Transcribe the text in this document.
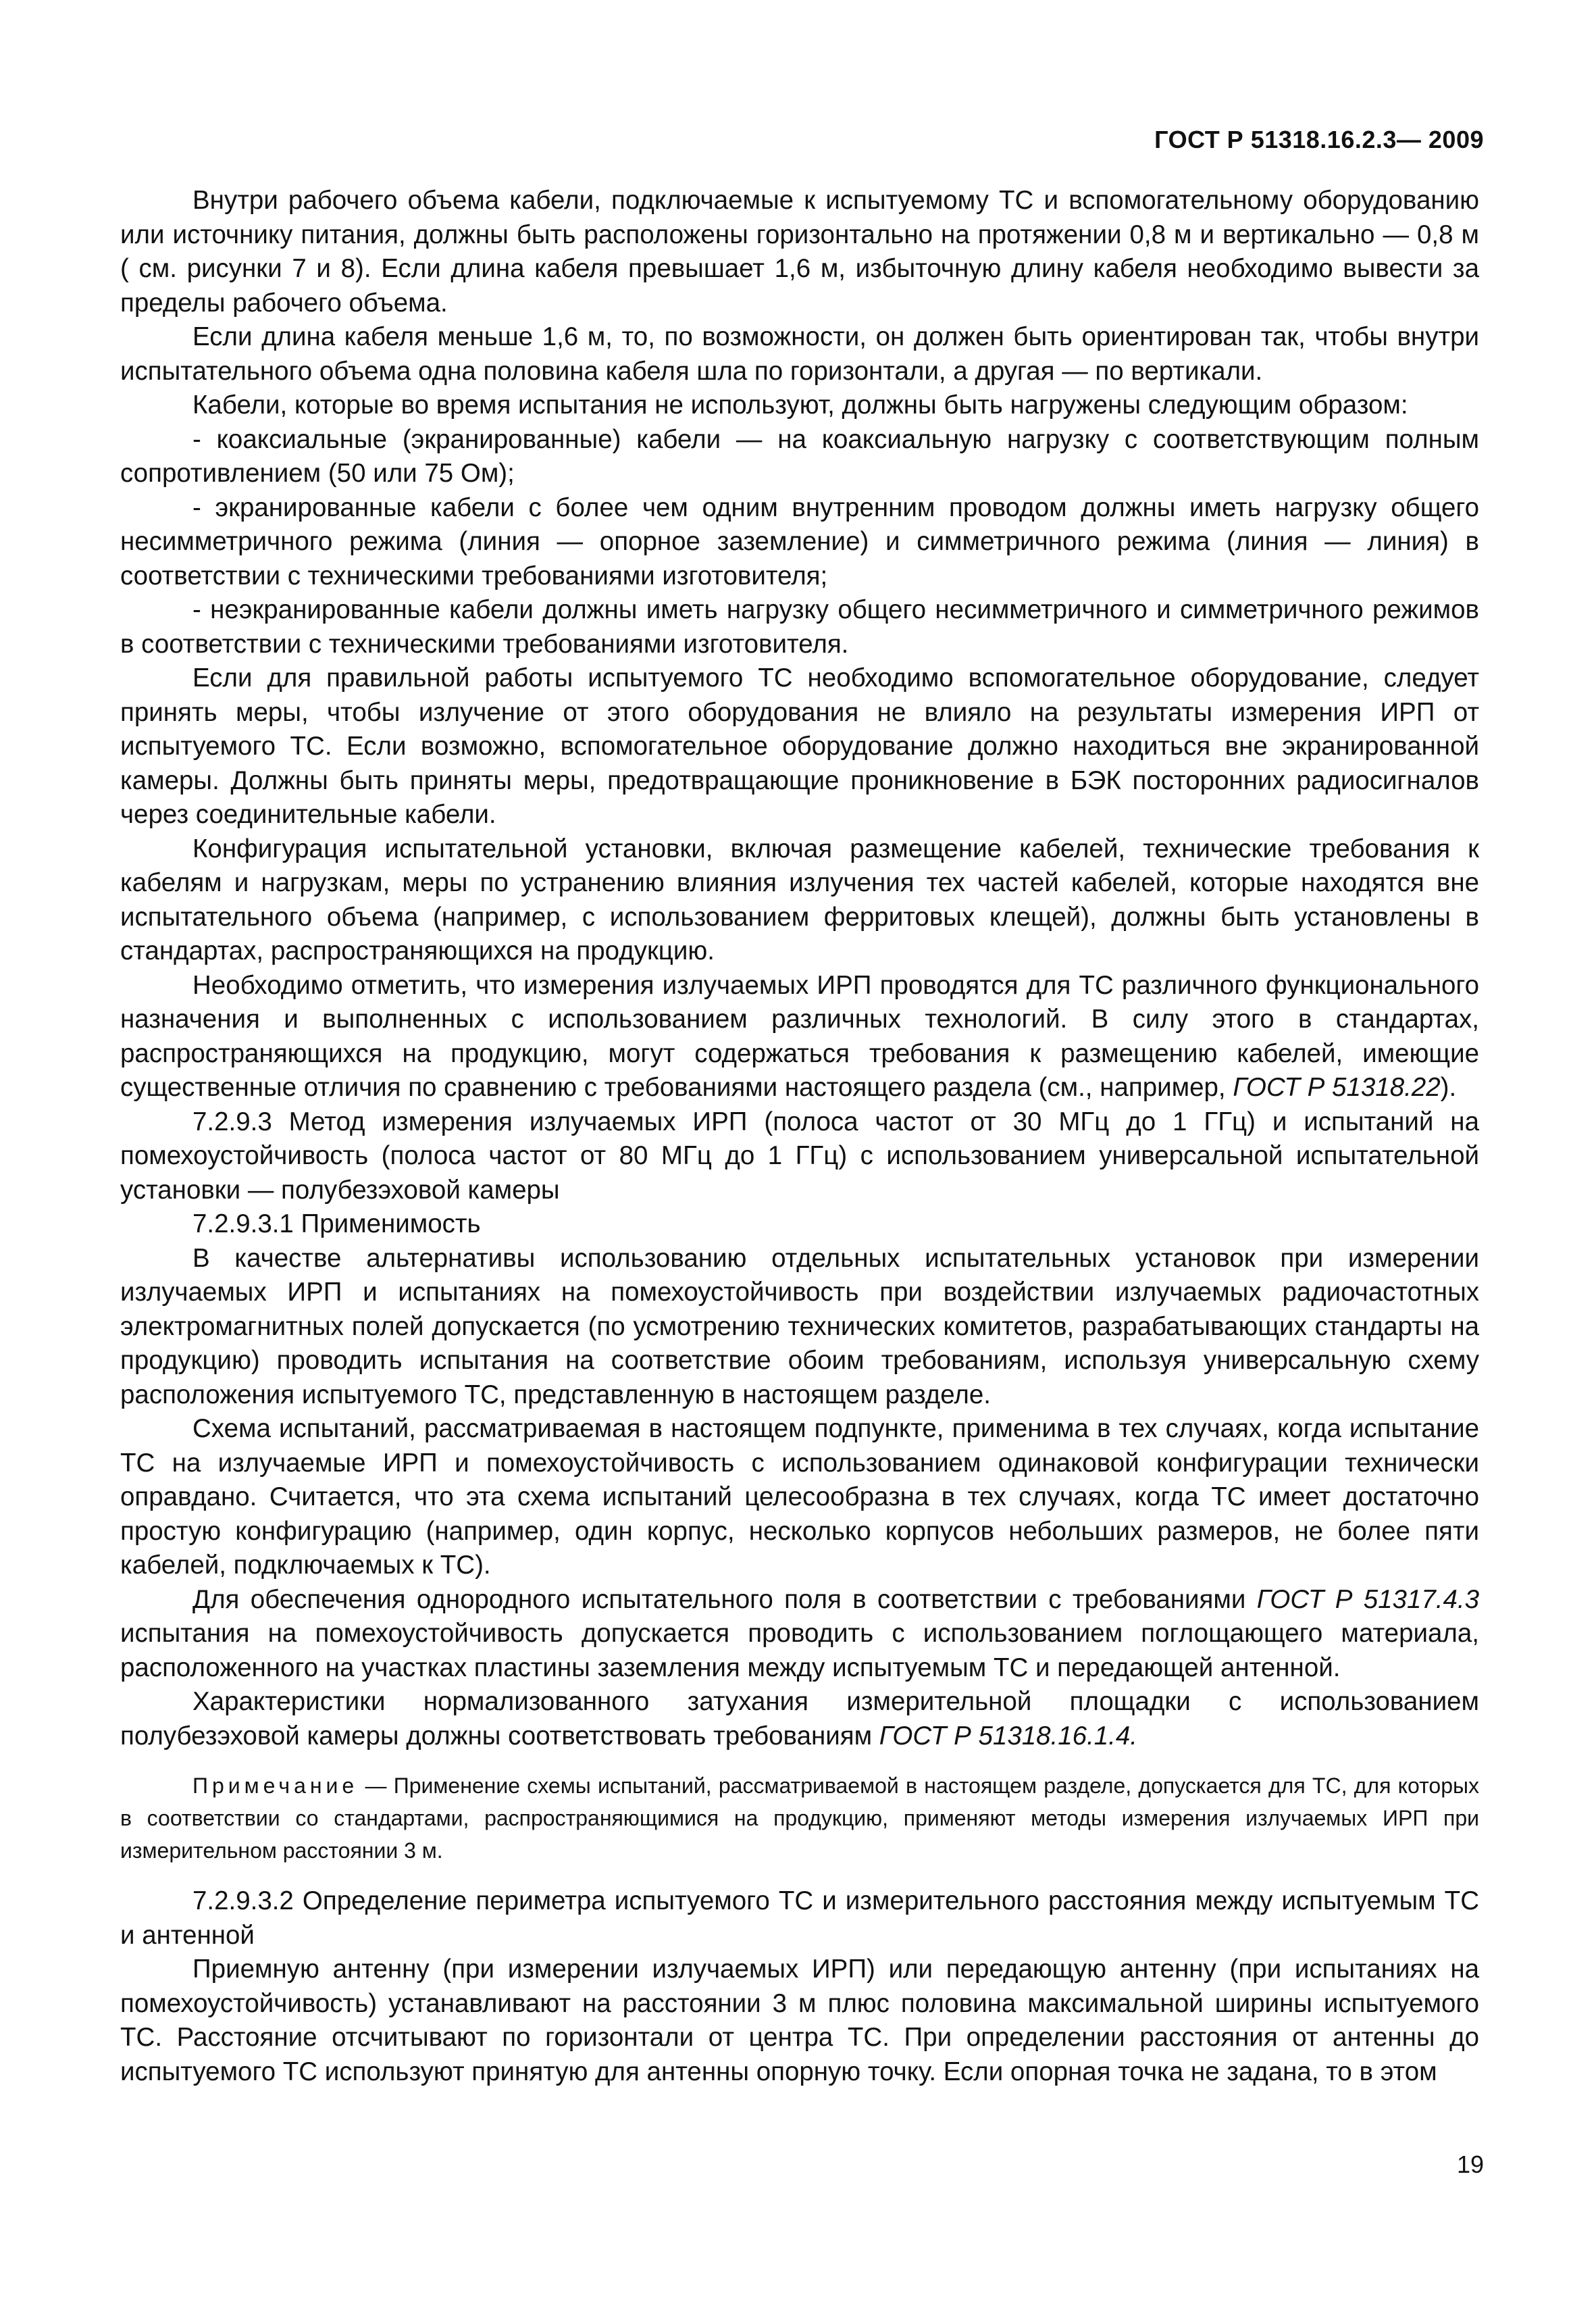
ГОСТ Р 51318.16.2.3— 2009

Внутри рабочего объема кабели, подключаемые к испытуемому ТС и вспомогательному оборудованию или источнику питания, должны быть расположены горизонтально на протяжении 0,8 м и вертикально — 0,8 м ( см. рисунки 7 и 8). Если длина кабеля превышает 1,6 м, избыточную длину кабеля необходимо вывести за пределы рабочего объема.

Если длина кабеля меньше 1,6 м, то, по возможности, он должен быть ориентирован так, чтобы внутри испытательного объема одна половина кабеля шла по горизонтали, а другая — по вертикали.

Кабели, которые во время испытания не используют, должны быть нагружены следующим образом:

- коаксиальные (экранированные) кабели — на коаксиальную нагрузку с соответствующим полным сопротивлением (50 или 75 Ом);

- экранированные кабели с более чем одним внутренним проводом должны иметь нагрузку общего несимметричного режима (линия — опорное заземление) и симметричного режима (линия — линия) в соответствии с техническими требованиями изготовителя;

- неэкранированные кабели должны иметь нагрузку общего несимметричного и симметричного режимов в соответствии с техническими требованиями изготовителя.

Если для правильной работы испытуемого ТС необходимо вспомогательное оборудование, следует принять меры, чтобы излучение от этого оборудования не влияло на результаты измерения ИРП от испытуемого ТС. Если возможно, вспомогательное оборудование должно находиться вне экранированной камеры. Должны быть приняты меры, предотвращающие проникновение в БЭК посторонних радиосигналов через соединительные кабели.

Конфигурация испытательной установки, включая размещение кабелей, технические требования к кабелям и нагрузкам, меры по устранению влияния излучения тех частей кабелей, которые находятся вне испытательного объема (например, с использованием ферритовых клещей), должны быть установлены в стандартах, распространяющихся на продукцию.

Необходимо отметить, что измерения излучаемых ИРП проводятся для ТС различного функционального назначения и выполненных с использованием различных технологий. В силу этого в стандартах, распространяющихся на продукцию, могут содержаться требования к размещению кабелей, имеющие существенные отличия по сравнению с требованиями настоящего раздела (см., например, ГОСТ Р 51318.22).

7.2.9.3 Метод измерения излучаемых ИРП (полоса частот от 30 МГц до 1 ГГц) и испытаний на помехоустойчивость (полоса частот от 80 МГц до 1 ГГц) с использованием универсальной испытательной установки — полубезэховой камеры

7.2.9.3.1 Применимость

В качестве альтернативы использованию отдельных испытательных установок при измерении излучаемых ИРП и испытаниях на помехоустойчивость при воздействии излучаемых радиочастотных электромагнитных полей допускается (по усмотрению технических комитетов, разрабатывающих стандарты на продукцию) проводить испытания на соответствие обоим требованиям, используя универсальную схему расположения испытуемого ТС, представленную в настоящем разделе.

Схема испытаний, рассматриваемая в настоящем подпункте, применима в тех случаях, когда испытание ТС на излучаемые ИРП и помехоустойчивость с использованием одинаковой конфигурации технически оправдано. Считается, что эта схема испытаний целесообразна в тех случаях, когда ТС имеет достаточно простую конфигурацию (например, один корпус, несколько корпусов небольших размеров, не более пяти кабелей, подключаемых к ТС).

Для обеспечения однородного испытательного поля в соответствии с требованиями ГОСТ Р 51317.4.3 испытания на помехоустойчивость допускается проводить с использованием поглощающего материала, расположенного на участках пластины заземления между испытуемым ТС и передающей антенной.

Характеристики нормализованного затухания измерительной площадки с использованием полубезэховой камеры должны соответствовать требованиям ГОСТ Р 51318.16.1.4.

Примечание — Применение схемы испытаний, рассматриваемой в настоящем разделе, допускается для ТС, для которых в соответствии со стандартами, распространяющимися на продукцию, применяют методы измерения излучаемых ИРП при измерительном расстоянии 3 м.

7.2.9.3.2 Определение периметра испытуемого ТС и измерительного расстояния между испытуемым ТС и антенной

Приемную антенну (при измерении излучаемых ИРП) или передающую антенну (при испытаниях на помехоустойчивость) устанавливают на расстоянии 3 м плюс половина максимальной ширины испытуемого ТС. Расстояние отсчитывают по горизонтали от центра ТС. При определении расстояния от антенны до испытуемого ТС используют принятую для антенны опорную точку. Если опорная точка не задана, то в этом

19
